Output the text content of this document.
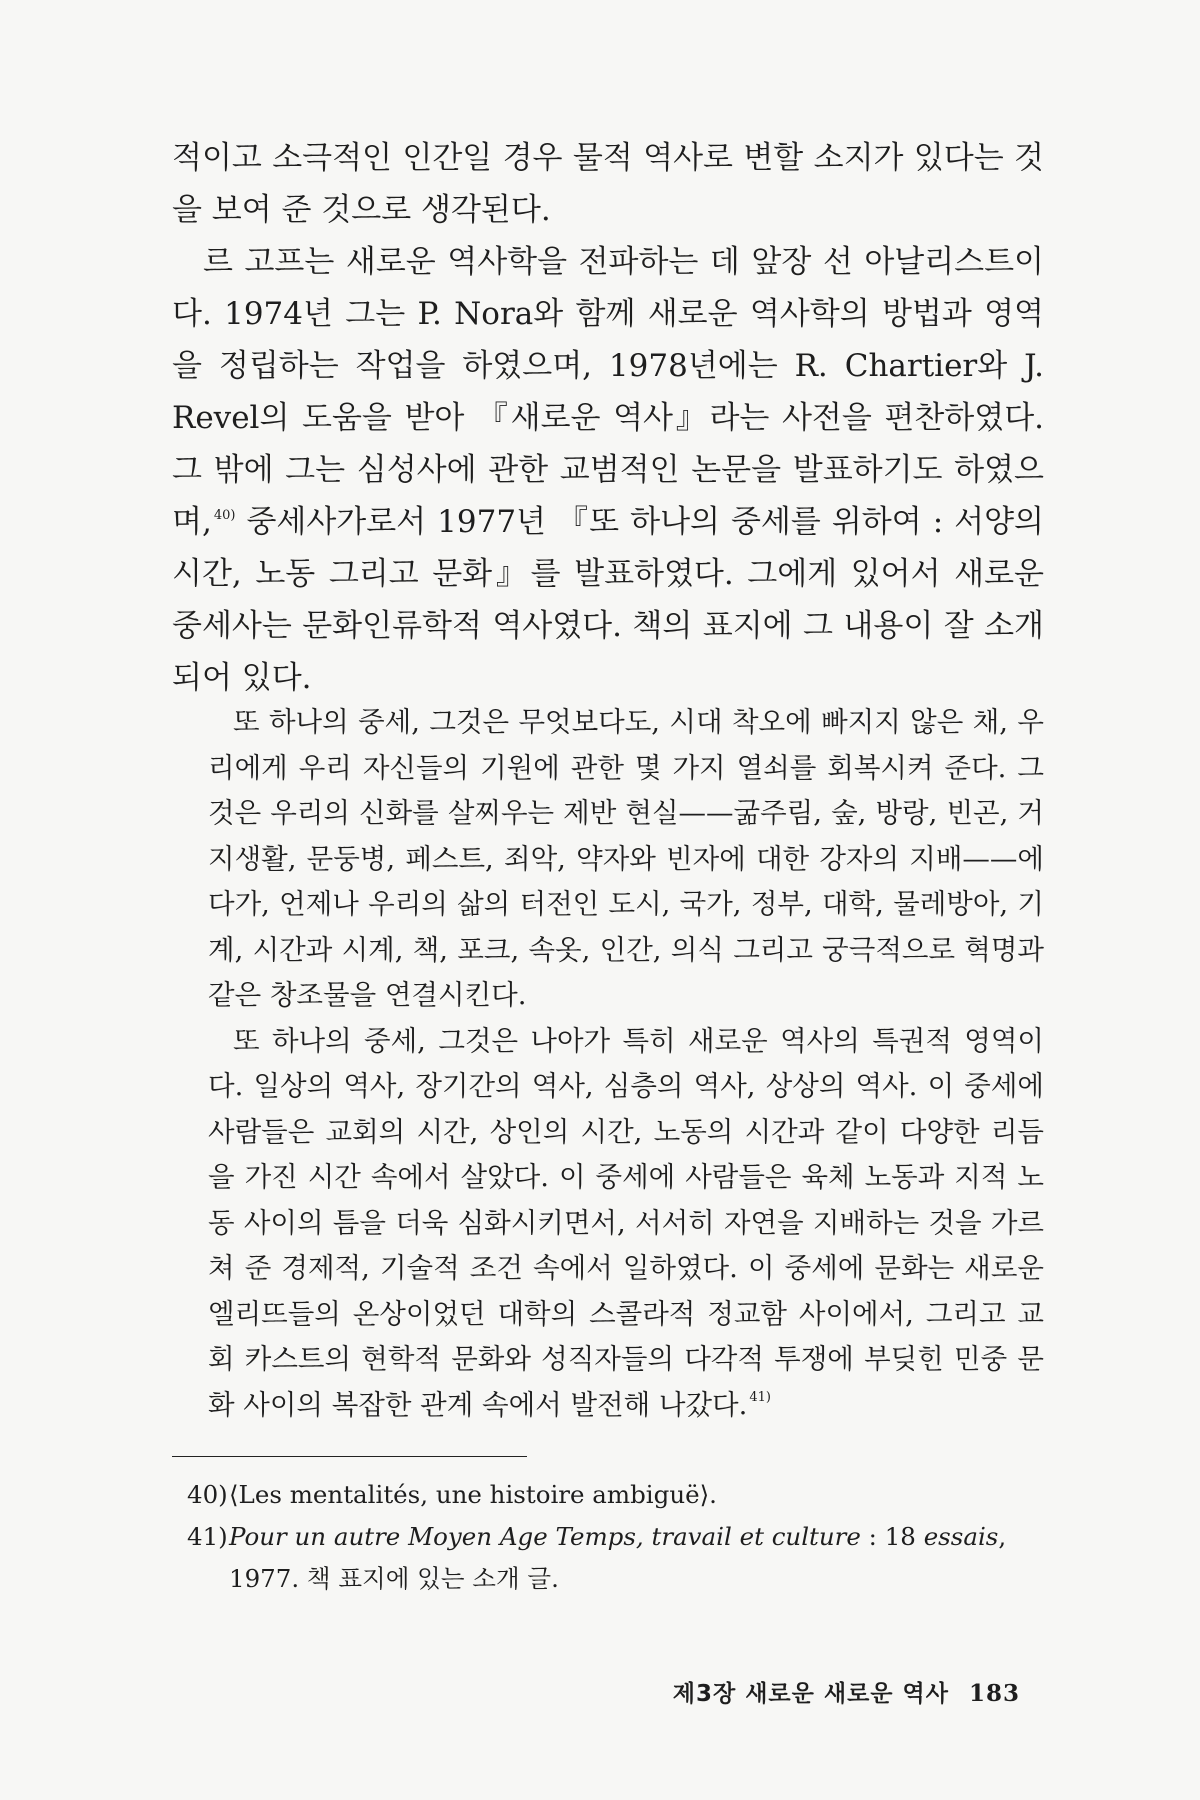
적이고 소극적인 인간일 경우 물적 역사로 변할 소지가 있다는 것을 보여 준 것으로 생각된다.

르 고프는 새로운 역사학을 전파하는 데 앞장 선 아날리스트이다. 1974년 그는 P. Nora와 함께 새로운 역사학의 방법과 영역을 정립하는 작업을 하였으며, 1978년에는 R. Chartier와 J. Revel의 도움을 받아 『새로운 역사』라는 사전을 편찬하였다. 그 밖에 그는 심성사에 관한 교범적인 논문을 발표하기도 하였으며, $^{40)}$ 중세사가로서 1977년 『또 하나의 중세를 위하여 : 서양의 시간, 노동 그리고 문화』를 발표하였다. 그에게 있어서 새로운 중세사는 문화인류학적 역사였다. 책의 표지에 그 내용이 잘 소개되어 있다.

또 하나의 중세, 그것은 무엇보다도, 시대 착오에 빠지지 않은 채, 우리에게 우리 자신들의 기원에 관한 몇 가지 열쇠를 회복시켜 준다. 그것은 우리의 신화를 살찌우는 제반 현실——굶주림, 숲, 방랑, 빈곤, 거지생활, 문둥병, 페스트, 죄악, 약자와 빈자에 대한 강자의 지배——에다가, 언제나 우리의 삶의 터전인 도시, 국가, 정부, 대학, 물레방아, 기계, 시간과 시계, 책, 포크, 속옷, 인간, 의식 그리고 궁극적으로 혁명과 같은 창조물을 연결시킨다.

또 하나의 중세, 그것은 나아가 특히 새로운 역사의 특권적 영역이다. 일상의 역사, 장기간의 역사, 심층의 역사, 상상의 역사. 이 중세에 사람들은 교회의 시간, 상인의 시간, 노동의 시간과 같이 다양한 리듬을 가진 시간 속에서 살았다. 이 중세에 사람들은 육체 노동과 지적 노동 사이의 틈을 더욱 심화시키면서, 서서히 자연을 지배하는 것을 가르쳐 준 경제적, 기술적 조건 속에서 일하였다. 이 중세에 문화는 새로운 엘리뜨들의 온상이었던 대학의 스콜라적 정교함 사이에서, 그리고 교회 카스트의 현학적 문화와 성직자들의 다각적 투쟁에 부딪힌 민중 문화 사이의 복잡한 관계 속에서 발전해 나갔다. $^{41)}$

40) ⟨Les mentalités, une histoire ambiguë⟩.
41) Pour un autre Moyen Age Temps, travail et culture : 18 essais, 1977. 책 표지에 있는 소개 글.
제3장 새로운 새로운 역사 183
